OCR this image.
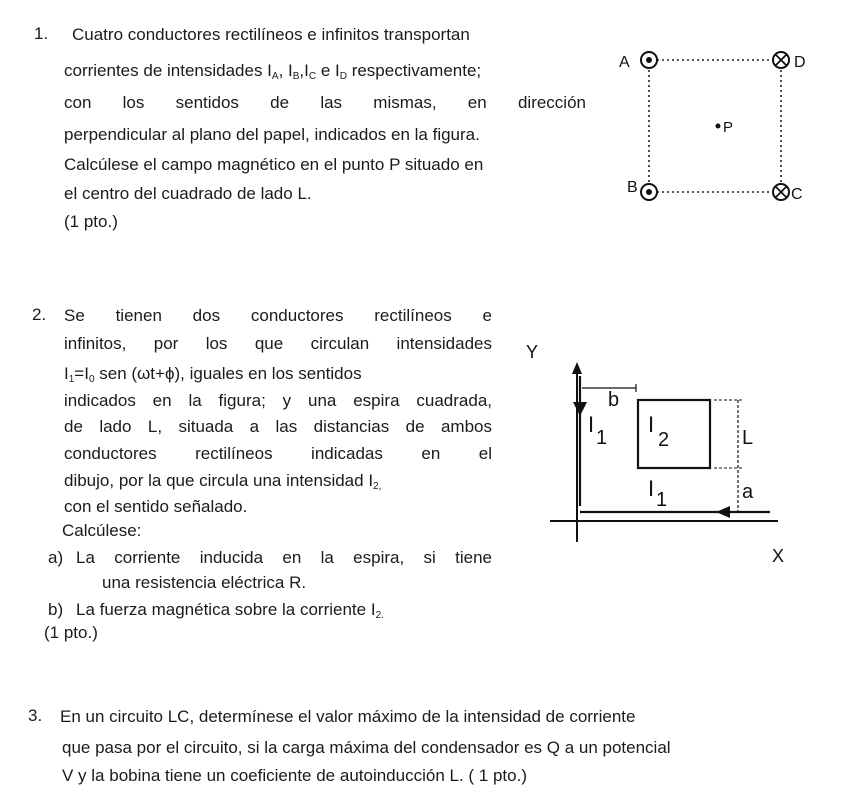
1. Cuatro conductores rectilíneos e infinitos transportan
corrientes de intensidades $I_A$, $I_B,I_C$ e $I_D$ respectivamente;
con los sentidos de las mismas, en dirección
perpendicular al plano del papel, indicados en la figura.
Calcúlese el campo magnético en el punto P situado en
el centro del cuadrado de lado L.
(1 pto.)
A	D
B	C
P
2. Se tienen dos conductores rectilíneos e
infinitos, por los que circulan intensidades
$I_1=I_0$ sen (ωt+ϕ), iguales en los sentidos
indicados en la figura; y una espira cuadrada,
de lado L, situada a las distancias de ambos
conductores rectilíneos indicadas en el
dibujo, por la que circula una intensidad $I_{2,}$
con el sentido señalado.
Calcúlese:
a) La corriente inducida en la espira, si tiene
una resistencia eléctrica R.
b) La fuerza magnética sobre la corriente $I_{2.}$
(1 pto.)
Y
X
b
L
a
I
1
I
2
I 1
3. En un circuito LC, determínese el valor máximo de la intensidad de corriente
que pasa por el circuito, si la carga máxima del condensador es Q a un potencial
V y la bobina tiene un coeficiente de autoinducción L. ( 1 pto.)
